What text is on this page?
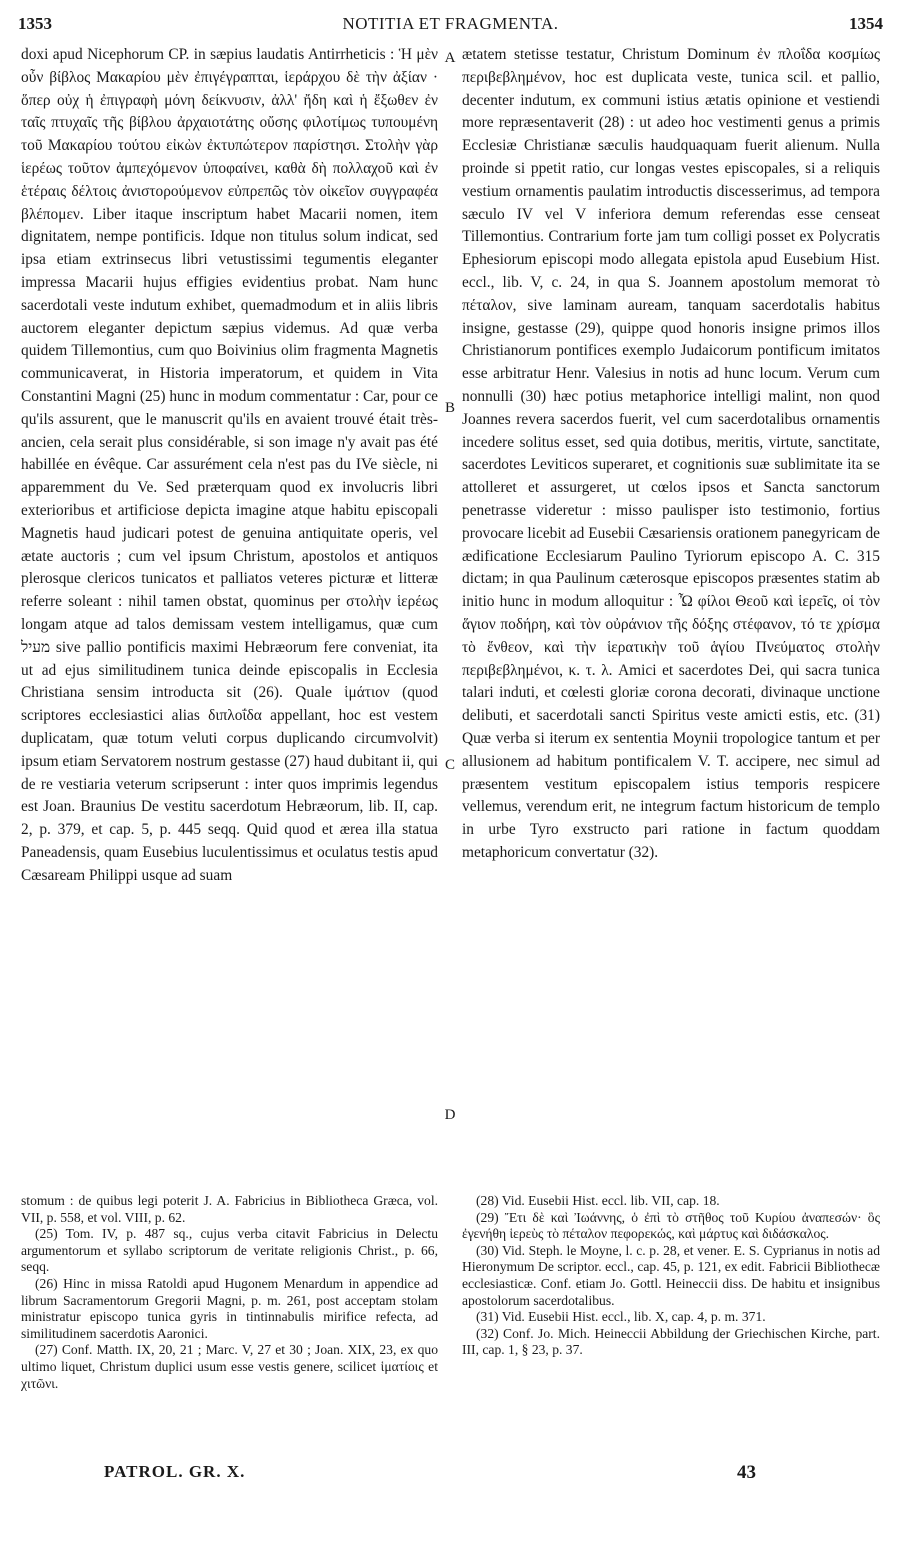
1353	NOTITIA ET FRAGMENTA.	1354

doxi apud Nicephorum CP. in sæpius laudatis Antirrheticis : Ἡ μὲν οὖν βίβλος Μακαρίου μὲν ἐπιγέγραπται, ἱεράρχου δὲ τὴν ἀξίαν · ὅπερ οὐχ ἡ ἐπιγραφὴ μόνη δείκνυσιν, ἀλλ' ἤδη καὶ ἡ ἔξωθεν ἐν ταῖς πτυχαῖς τῆς βίβλου ἀρχαιοτάτης οὔσης φιλοτίμως τυπουμένη τοῦ Μακαρίου τούτου εἰκὼν ἐκτυπώτερον παρίστησι. Στολὴν γὰρ ἱερέως τοῦτον ἀμπεχόμενον ὑποφαίνει, καθὰ δὴ πολλαχοῦ καὶ ἐν ἑτέραις δέλτοις ἀνιστορούμενον εὐπρεπῶς τὸν οἰκεῖον συγγραφέα βλέπομεν. Liber itaque inscriptum habet Macarii nomen, item dignitatem, nempe pontificis. Idque non titulus solum indicat, sed ipsa etiam extrinsecus libri vetustissimi tegumentis eleganter impressa Macarii hujus effigies evidentius probat. Nam hunc sacerdotali veste indutum exhibet, quemadmodum et in aliis libris auctorem eleganter depictum sæpius videmus. Ad quæ verba quidem Tillemontius, cum quo Boivinius olim fragmenta Magnetis communicaverat, in Historia imperatorum, et quidem in Vita Constantini Magni (25) hunc in modum commentatur : Car, pour ce qu'ils assurent, que le manuscrit qu'ils en avaient trouvé était très-ancien, cela serait plus considérable, si son image n'y avait pas été habillée en évêque. Car assurément cela n'est pas du IVe siècle, ni apparemment du Ve. Sed præterquam quod ex involucris libri exterioribus et artificiose depicta imagine atque habitu episcopali Magnetis haud judicari potest de genuina antiquitate operis, vel ætate auctoris ; cum vel ipsum Christum, apostolos et antiquos plerosque clericos tunicatos et palliatos veteres picturæ et litteræ referre soleant : nihil tamen obstat, quominus per στολὴν ἱερέως longam atque ad talos demissam vestem intelligamus, quæ cum מעיל sive pallio pontificis maximi Hebræorum fere conveniat, ita ut ad ejus similitudinem tunica deinde episcopalis in Ecclesia Christiana sensim introducta sit (26). Quale ἱμάτιον (quod scriptores ecclesiastici alias διπλοΐδα appellant, hoc est vestem duplicatam, quæ totum veluti corpus duplicando circumvolvit) ipsum etiam Servatorem nostrum gestasse (27) haud dubitant ii, qui de re vestiaria veterum scripserunt : inter quos imprimis legendus est Joan. Braunius De vestitu sacerdotum Hebræorum, lib. II, cap. 2, p. 379, et cap. 5, p. 445 seqq. Quid quod et ærea illa statua Paneadensis, quam Eusebius luculentissimus et oculatus testis apud Cæsaream Philippi usque ad suam

A
B
C
D

ætatem stetisse testatur, Christum Dominum ἐν πλοΐδα κοσμίως περιβεβλημένον, hoc est duplicata veste, tunica scil. et pallio, decenter indutum, ex communi istius ætatis opinione et vestiendi more repræsentaverit (28) : ut adeo hoc vestimenti genus a primis Ecclesiæ Christianæ sæculis haudquaquam fuerit alienum. Nulla proinde si ppetit ratio, cur longas vestes episcopales, si a reliquis vestium ornamentis paulatim introductis discesserimus, ad tempora sæculo IV vel V inferiora demum referendas esse censeat Tillemontius. Contrarium forte jam tum colligi posset ex Polycratis Ephesiorum episcopi modo allegata epistola apud Eusebium Hist. eccl., lib. V, c. 24, in qua S. Joannem apostolum memorat τὸ πέταλον, sive laminam auream, tanquam sacerdotalis habitus insigne, gestasse (29), quippe quod honoris insigne primos illos Christianorum pontifices exemplo Judaicorum pontificum imitatos esse arbitratur Henr. Valesius in notis ad hunc locum. Verum cum nonnulli (30) hæc potius metaphorice intelligi malint, non quod Joannes revera sacerdos fuerit, vel cum sacerdotalibus ornamentis incedere solitus esset, sed quia dotibus, meritis, virtute, sanctitate, sacerdotes Leviticos superaret, et cognitionis suæ sublimitate ita se attolleret et assurgeret, ut cœlos ipsos et Sancta sanctorum penetrasse videretur : misso paulisper isto testimonio, fortius provocare licebit ad Eusebii Cæsariensis orationem panegyricam de ædificatione Ecclesiarum Paulino Tyriorum episcopo A. C. 315 dictam; in qua Paulinum cæterosque episcopos præsentes statim ab initio hunc in modum alloquitur : Ὦ φίλοι Θεοῦ καὶ ἱερεῖς, οἱ τὸν ἅγιον ποδήρη, καὶ τὸν οὐράνιον τῆς δόξης στέφανον, τό τε χρίσμα τὸ ἔνθεον, καὶ τὴν ἱερατικὴν τοῦ ἁγίου Πνεύματος στολὴν περιβεβλημένοι, κ. τ. λ. Amici et sacerdotes Dei, qui sacra tunica talari induti, et cœlesti gloriæ corona decorati, divinaque unctione delibuti, et sacerdotali sancti Spiritus veste amicti estis, etc. (31) Quæ verba si iterum ex sententia Moynii tropologice tantum et per allusionem ad habitum pontificalem V. T. accipere, nec simul ad præsentem vestitum episcopalem istius temporis respicere vellemus, verendum erit, ne integrum factum historicum de templo in urbe Tyro exstructo pari ratione in factum quoddam metaphoricum convertatur (32).

stomum : de quibus legi poterit J. A. Fabricius in Bibliotheca Græca, vol. VII, p. 558, et vol. VIII, p. 62.

(25) Tom. IV, p. 487 sq., cujus verba citavit Fabricius in Delectu argumentorum et syllabo scriptorum de veritate religionis Christ., p. 66, seqq.

(26) Hinc in missa Ratoldi apud Hugonem Menardum in appendice ad librum Sacramentorum Gregorii Magni, p. m. 261, post acceptam stolam ministratur episcopo tunica gyris in tintinnabulis mirifice refecta, ad similitudinem sacerdotis Aaronici.

(27) Conf. Matth. IX, 20, 21 ; Marc. V, 27 et 30 ; Joan. XIX, 23, ex quo ultimo liquet, Christum duplici usum esse vestis genere, scilicet ἱματίοις et χιτῶνι.

(28) Vid. Eusebii Hist. eccl. lib. VII, cap. 18.

(29) Ἔτι δὲ καὶ Ἰωάννης, ὁ ἐπὶ τὸ στῆθος τοῦ Κυρίου ἀναπεσών· ὃς ἐγενήθη ἱερεὺς τὸ πέταλον πεφορεκώς, καὶ μάρτυς καὶ διδάσκαλος.

(30) Vid. Steph. le Moyne, l. c. p. 28, et vener. E. S. Cyprianus in notis ad Hieronymum De scriptor. eccl., cap. 45, p. 121, ex edit. Fabricii Bibliothecæ ecclesiasticæ. Conf. etiam Jo. Gottl. Heineccii diss. De habitu et insignibus apostolorum sacerdotalibus.

(31) Vid. Eusebii Hist. eccl., lib. X, cap. 4, p. m. 371.

(32) Conf. Jo. Mich. Heineccii Abbildung der Griechischen Kirche, part. III, cap. 1, § 23, p. 37.

PATROL. GR. X.	43
